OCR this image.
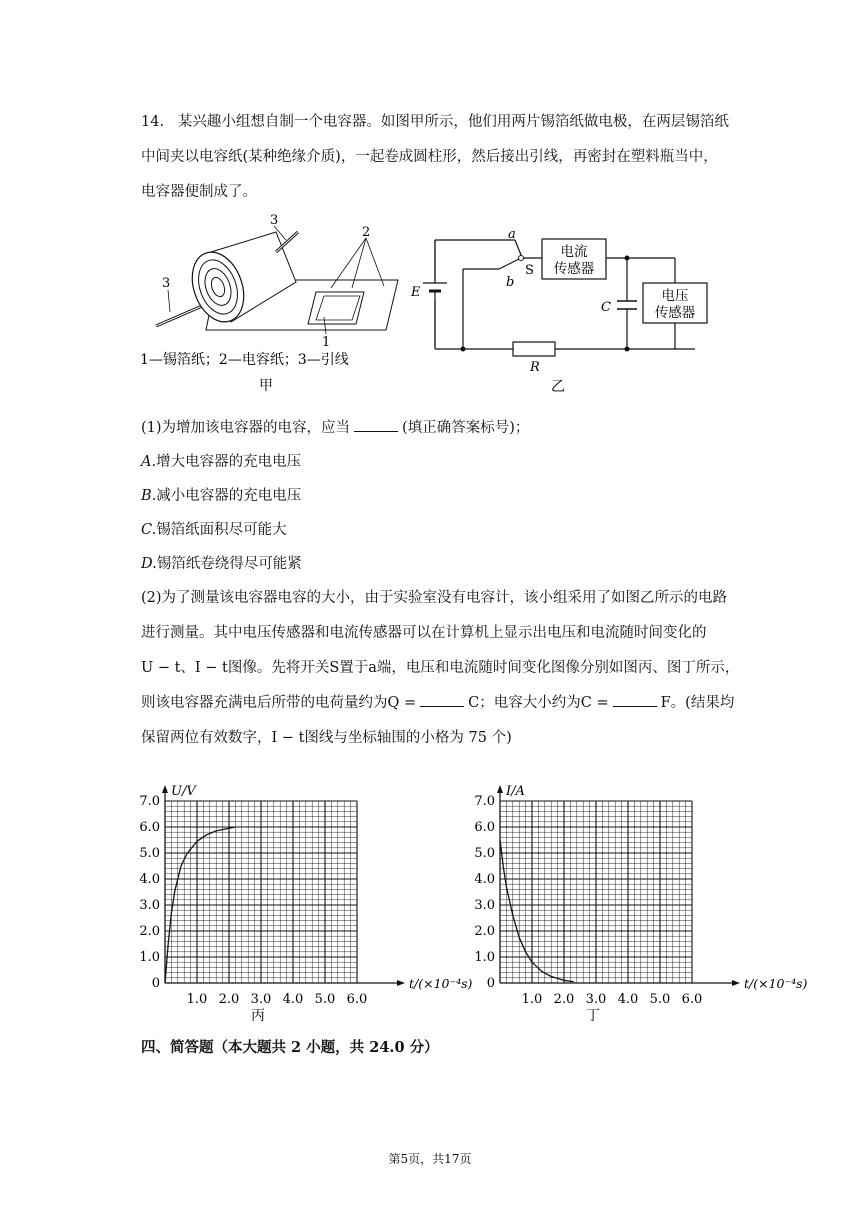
14. 某兴趣小组想自制一个电容器。如图甲所示，他们用两片锡箔纸做电极，在两层锡箔纸
中间夹以电容纸(某种绝缘介质)，一起卷成圆柱形，然后接出引线，再密封在塑料瓶当中，
电容器便制成了。
3
3
2
1
1—锡箔纸；2—电容纸；3—引线
甲
电流
传感器
电压
传感器
a
b
S
E
C
R
乙
(1)为增加该电容器的电容，应当	(填正确答案标号)；
A.增大电容器的充电电压
B.减小电容器的充电电压
C.锡箔纸面积尽可能大
D.锡箔纸卷绕得尽可能紧
(2)为了测量该电容器电容的大小，由于实验室没有电容计，该小组采用了如图乙所示的电路
进行测量。其中电压传感器和电流传感器可以在计算机上显示出电压和电流随时间变化的
U − t、I − t图像。先将开关S置于a端，电压和电流随时间变化图像分别如图丙、图丁所示，
则该电容器充满电后所带的电荷量约为Q =	C；电容大小约为C =	F。(结果均
保留两位有效数字，I − t图线与坐标轴围的小格为 75 个)
0
1.0
2.0
3.0
4.0
5.0
6.0
7.0
1.0 2.0 3.0 4.0 5.0 6.0
U/V
t/(×10⁻⁴s)
丙
0
1.0
2.0
3.0
4.0
5.0
6.0
7.0
1.0 2.0 3.0 4.0 5.0 6.0
I/A
t/(×10⁻⁴s)
丁
四、简答题（本大题共 2 小题，共 24.0 分）
第5页，共17页
